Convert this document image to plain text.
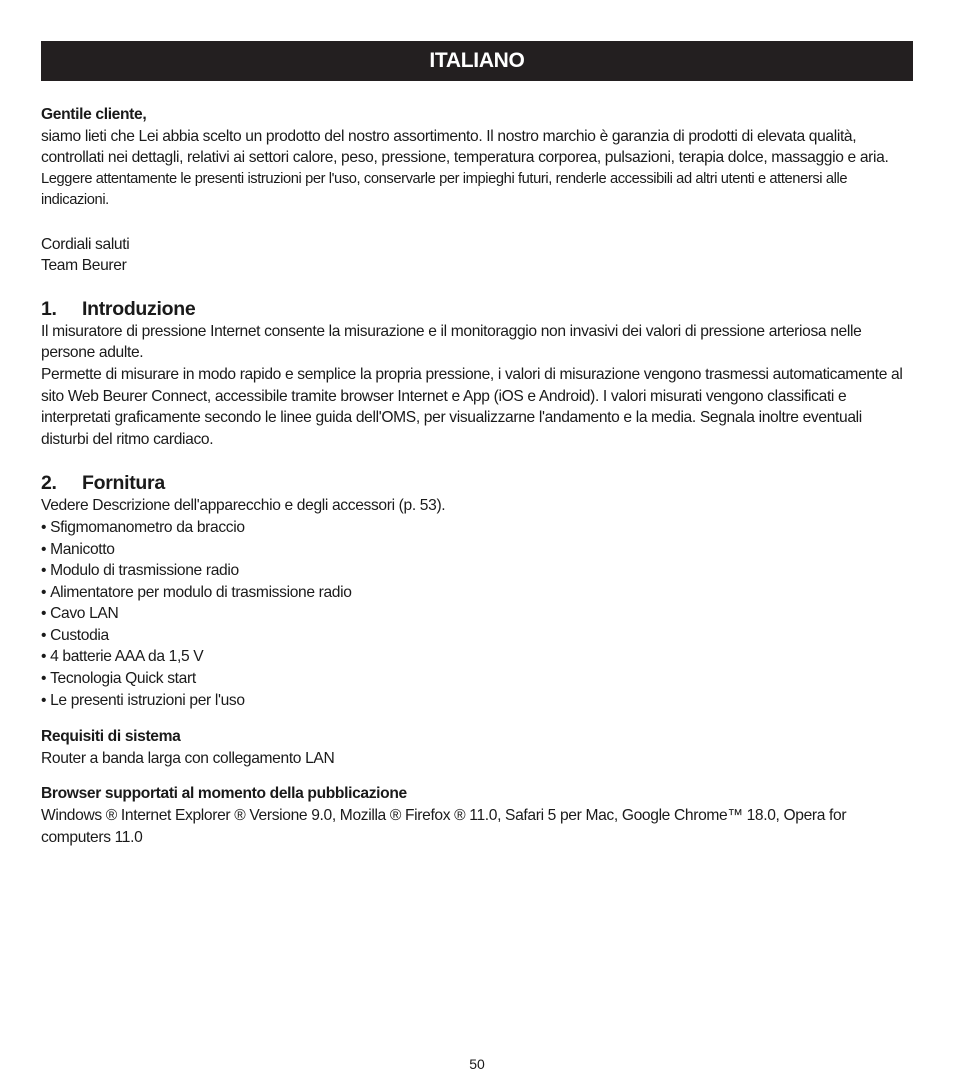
ITALIANO
Gentile cliente,

siamo lieti che Lei abbia scelto un prodotto del nostro assortimento. Il nostro marchio è garanzia di prodotti di elevata qualità, controllati nei dettagli, relativi ai settori calore, peso, pressione, temperatura corporea, pulsazioni, terapia dolce, massaggio e aria.

Leggere attentamente le presenti istruzioni per l'uso, conservarle per impieghi futuri, renderle accessibili ad altri utenti e attenersi alle indicazioni.

Cordiali saluti

Team Beurer

1.	Introduzione

Il misuratore di pressione Internet consente la misurazione e il monitoraggio non invasivi dei valori di pressione arteriosa nelle persone adulte.

Permette di misurare in modo rapido e semplice la propria pressione, i valori di misurazione vengono trasmessi automaticamente al sito Web Beurer Connect, accessibile tramite browser Internet e App (iOS e Android). I valori misurati vengono classificati e interpretati graficamente secondo le linee guida dell'OMS, per visualizzarne l'andamento e la media. Segnala inoltre eventuali disturbi del ritmo cardiaco.

2.	Fornitura

Vedere Descrizione dell'apparecchio e degli accessori (p. 53).

• Sfigmomanometro da braccio
• Manicotto
• Modulo di trasmissione radio
• Alimentatore per modulo di trasmissione radio
• Cavo LAN
• Custodia
• 4 batterie AAA da 1,5 V
• Tecnologia Quick start
• Le presenti istruzioni per l'uso
Requisiti di sistema

Router a banda larga con collegamento LAN

Browser supportati al momento della pubblicazione

Windows ® Internet Explorer ® Versione 9.0, Mozilla ® Firefox ® 11.0, Safari 5 per Mac, Google Chrome™ 18.0, Opera for computers 11.0

50
